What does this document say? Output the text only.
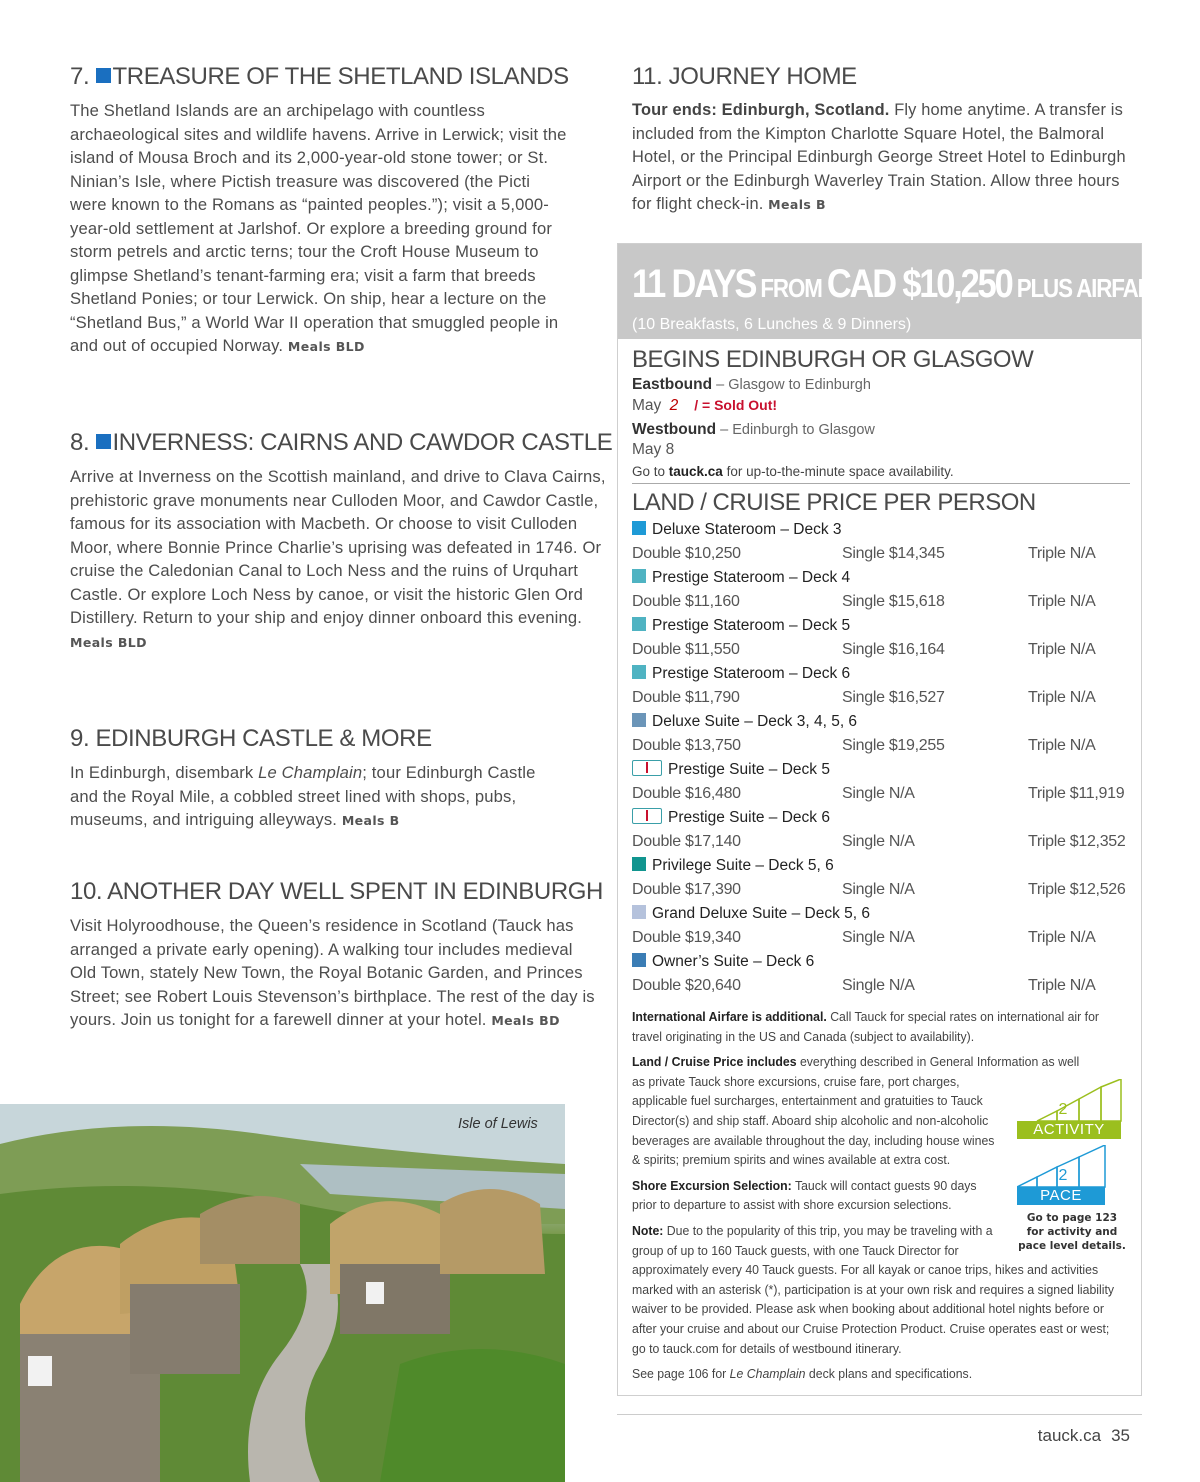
7. TREASURE OF THE SHETLAND ISLANDS
The Shetland Islands are an archipelago with countless archaeological sites and wildlife havens. Arrive in Lerwick; visit the island of Mousa Broch and its 2,000-year-old stone tower; or St. Ninian’s Isle, where Pictish treasure was discovered (the Picti were known to the Romans as “painted peoples.”); visit a 5,000-year-old settlement at Jarlshof. Or explore a breeding ground for storm petrels and arctic terns; tour the Croft House Museum to glimpse Shetland’s tenant-farming era; visit a farm that breeds Shetland Ponies; or tour Lerwick. On ship, hear a lecture on the “Shetland Bus,” a World War II operation that smuggled people in and out of occupied Norway. Meals BLD
8. INVERNESS: CAIRNS AND CAWDOR CASTLE
Arrive at Inverness on the Scottish mainland, and drive to Clava Cairns, prehistoric grave monuments near Culloden Moor, and Cawdor Castle, famous for its association with Macbeth. Or choose to visit Culloden Moor, where Bonnie Prince Charlie’s uprising was defeated in 1746. Or cruise the Caledonian Canal to Loch Ness and the ruins of Urquhart Castle. Or explore Loch Ness by canoe, or visit the historic Glen Ord Distillery. Return to your ship and enjoy dinner onboard this evening. Meals BLD
9. EDINBURGH CASTLE & MORE
In Edinburgh, disembark Le Champlain; tour Edinburgh Castle and the Royal Mile, a cobbled street lined with shops, pubs, museums, and intriguing alleyways. Meals B
10. ANOTHER DAY WELL SPENT IN EDINBURGH
Visit Holyroodhouse, the Queen’s residence in Scotland (Tauck has arranged a private early opening). A walking tour includes medieval Old Town, stately New Town, the Royal Botanic Garden, and Princes Street; see Robert Louis Stevenson’s birthplace. The rest of the day is yours. Join us tonight for a farewell dinner at your hotel. Meals BD
Isle of Lewis
11. JOURNEY HOME
Tour ends: Edinburgh, Scotland. Fly home anytime. A transfer is included from the Kimpton Charlotte Square Hotel, the Balmoral Hotel, or the Principal Edinburgh George Street Hotel to Edinburgh Airport or the Edinburgh Waverley Train Station. Allow three hours for flight check-in. Meals B
11 DAYS FROM CAD $10,250 PLUS AIRFARE
(10 Breakfasts, 6 Lunches & 9 Dinners)
BEGINS EDINBURGH OR GLASGOW
Eastbound – Glasgow to Edinburgh
May 2 / = Sold Out!
Westbound – Edinburgh to Glasgow
May 8
Go to tauck.ca for up-to-the-minute space availability.
LAND / CRUISE PRICE PER PERSON
Deluxe Stateroom – Deck 3
Double $10,250	Single $14,345	Triple N/A
Prestige Stateroom – Deck 4
Double $11,160	Single $15,618	Triple N/A
Prestige Stateroom – Deck 5
Double $11,550	Single $16,164	Triple N/A
Prestige Stateroom – Deck 6
Double $11,790	Single $16,527	Triple N/A
Deluxe Suite – Deck 3, 4, 5, 6
Double $13,750	Single $19,255	Triple N/A
Prestige Suite – Deck 5
Double $16,480	Single N/A	Triple $11,919
Prestige Suite – Deck 6
Double $17,140	Single N/A	Triple $12,352
Privilege Suite – Deck 5, 6
Double $17,390	Single N/A	Triple $12,526
Grand Deluxe Suite – Deck 5, 6
Double $19,340	Single N/A	Triple N/A
Owner’s Suite – Deck 6
Double $20,640	Single N/A	Triple N/A
International Airfare is additional. Call Tauck for special rates on international air for travel originating in the US and Canada (subject to availability).
Land / Cruise Price includes everything described in General Information as well
as private Tauck shore excursions, cruise fare, port charges, applicable fuel surcharges, entertainment and gratuities to Tauck Director(s) and ship staff. Aboard ship alcoholic and non-alcoholic beverages are available throughout the day, including house wines & spirits; premium spirits and wines available at extra cost.
Shore Excursion Selection: Tauck will contact guests 90 days prior to departure to assist with shore excursion selections.
Note: Due to the popularity of this trip, you may be traveling with a group of up to 160 Tauck guests, with one Tauck Director for
approximately every 40 Tauck guests. For all kayak or canoe trips, hikes and activities marked with an asterisk (*), participation is at your own risk and requires a signed liability waiver to be provided. Please ask when booking about additional hotel nights before or after your cruise and about our Cruise Protection Product. Cruise operates east or west; go to tauck.com for details of westbound itinerary.
See page 106 for Le Champlain deck plans and specifications.
2
ACTIVITY
2
PACE
Go to page 123 for activity and pace level details.
tauck.ca 35
